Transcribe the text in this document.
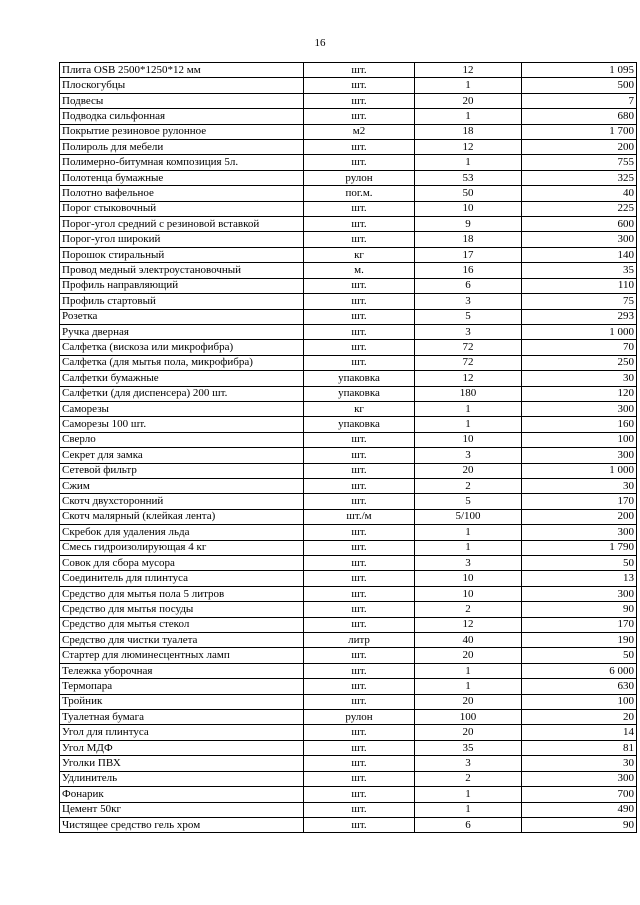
16
Плита OSB 2500*1250*12 мм	шт.	12	1 095
Плоскогубцы	шт.	1	500
Подвесы	шт.	20	7
Подводка сильфонная	шт.	1	680
Покрытие резиновое рулонное	м2	18	1 700
Полироль для мебели	шт.	12	200
Полимерно-битумная композиция 5л.	шт.	1	755
Полотенца бумажные	рулон	53	325
Полотно вафельное	пог.м.	50	40
Порог стыковочный	шт.	10	225
Порог-угол средний с резиновой вставкой	шт.	9	600
Порог-угол широкий	шт.	18	300
Порошок стиральный	кг	17	140
Провод медный электроустановочный	м.	16	35
Профиль направляющий	шт.	6	110
Профиль стартовый	шт.	3	75
Розетка	шт.	5	293
Ручка дверная	шт.	3	1 000
Салфетка (вискоза или микрофибра)	шт.	72	70
Салфетка (для мытья пола, микрофибра)	шт.	72	250
Салфетки бумажные	упаковка	12	30
Салфетки (для диспенсера) 200 шт.	упаковка	180	120
Саморезы	кг	1	300
Саморезы 100 шт.	упаковка	1	160
Сверло	шт.	10	100
Секрет для замка	шт.	3	300
Сетевой фильтр	шт.	20	1 000
Сжим	шт.	2	30
Скотч двухсторонний	шт.	5	170
Скотч малярный (клейкая лента)	шт./м	5/100	200
Скребок для удаления льда	шт.	1	300
Смесь гидроизолирующая 4 кг	шт.	1	1 790
Совок для сбора мусора	шт.	3	50
Соединитель для плинтуса	шт.	10	13
Средство для мытья пола 5 литров	шт.	10	300
Средство для мытья посуды	шт.	2	90
Средство для мытья стекол	шт.	12	170
Средство для чистки туалета	литр	40	190
Стартер для люминесцентных ламп	шт.	20	50
Тележка уборочная	шт.	1	6 000
Термопара	шт.	1	630
Тройник	шт.	20	100
Туалетная бумага	рулон	100	20
Угол для плинтуса	шт.	20	14
Угол МДФ	шт.	35	81
Уголки ПВХ	шт.	3	30
Удлинитель	шт.	2	300
Фонарик	шт.	1	700
Цемент 50кг	шт.	1	490
Чистящее средство гель хром	шт.	6	90
